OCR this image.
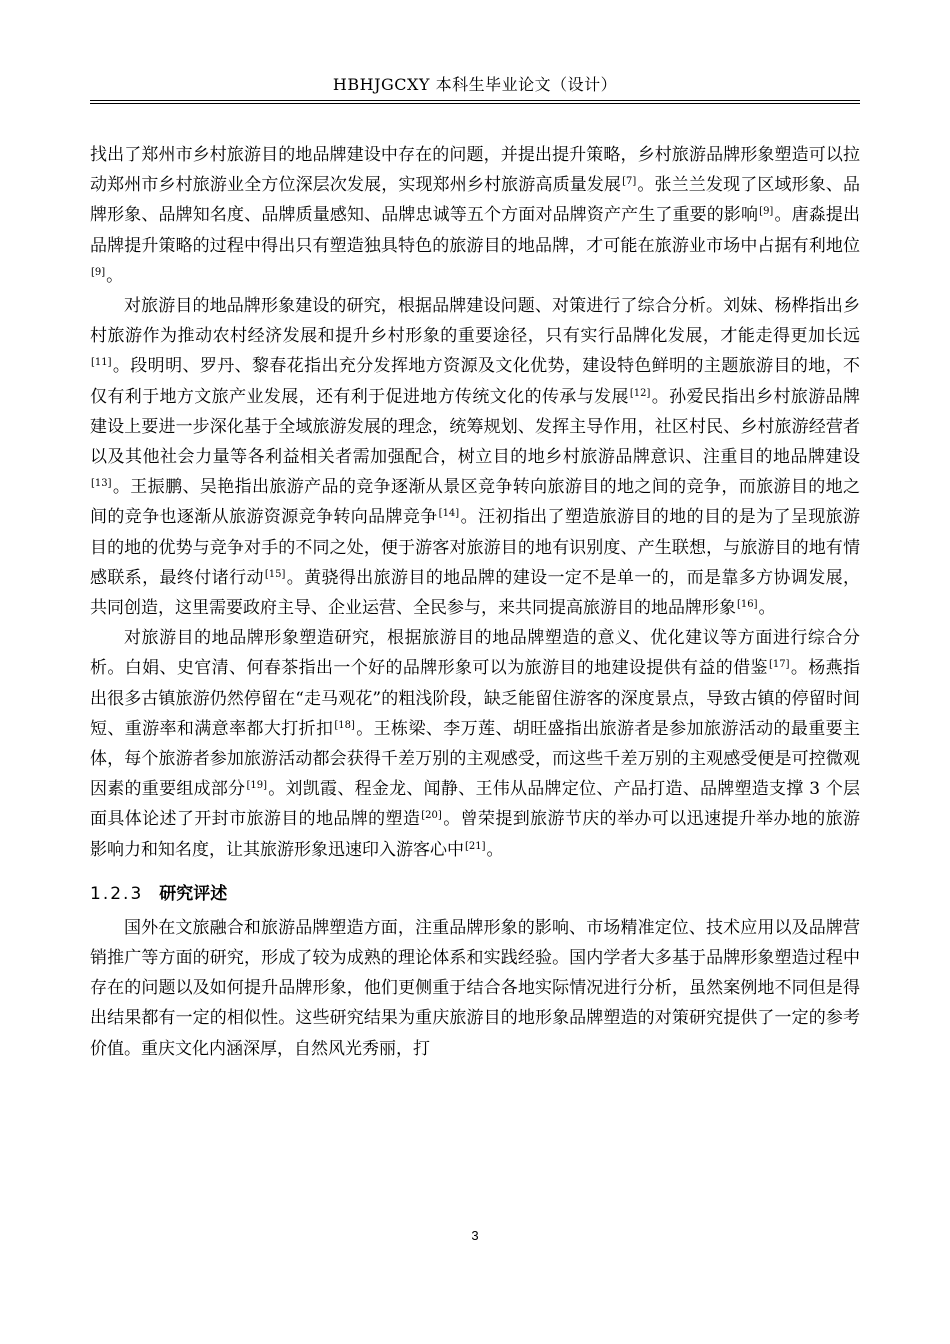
HBHJGCXY 本科生毕业论文（设计）

找出了郑州市乡村旅游目的地品牌建设中存在的问题，并提出提升策略，乡村旅游品牌形象塑造可以拉动郑州市乡村旅游业全方位深层次发展，实现郑州乡村旅游高质量发展[7]。张兰兰发现了区域形象、品牌形象、品牌知名度、品牌质量感知、品牌忠诚等五个方面对品牌资产产生了重要的影响[9]。唐淼提出品牌提升策略的过程中得出只有塑造独具特色的旅游目的地品牌，才可能在旅游业市场中占据有利地位[9]。

对旅游目的地品牌形象建设的研究，根据品牌建设问题、对策进行了综合分析。刘妹、杨桦指出乡村旅游作为推动农村经济发展和提升乡村形象的重要途径，只有实行品牌化发展，才能走得更加长远[11]。段明明、罗丹、黎春花指出充分发挥地方资源及文化优势，建设特色鲜明的主题旅游目的地，不仅有利于地方文旅产业发展，还有利于促进地方传统文化的传承与发展[12]。孙爱民指出乡村旅游品牌建设上要进一步深化基于全域旅游发展的理念，统筹规划、发挥主导作用，社区村民、乡村旅游经营者以及其他社会力量等各利益相关者需加强配合，树立目的地乡村旅游品牌意识、注重目的地品牌建设[13]。王振鹏、吴艳指出旅游产品的竞争逐渐从景区竞争转向旅游目的地之间的竞争，而旅游目的地之间的竞争也逐渐从旅游资源竞争转向品牌竞争[14]。汪初指出了塑造旅游目的地的目的是为了呈现旅游目的地的优势与竞争对手的不同之处，便于游客对旅游目的地有识别度、产生联想，与旅游目的地有情感联系，最终付诸行动[15]。黄骁得出旅游目的地品牌的建设一定不是单一的，而是靠多方协调发展，共同创造，这里需要政府主导、企业运营、全民参与，来共同提高旅游目的地品牌形象[16]。

对旅游目的地品牌形象塑造研究，根据旅游目的地品牌塑造的意义、优化建议等方面进行综合分析。白娟、史官清、何春茶指出一个好的品牌形象可以为旅游目的地建设提供有益的借鉴[17]。杨燕指出很多古镇旅游仍然停留在“走马观花”的粗浅阶段，缺乏能留住游客的深度景点，导致古镇的停留时间短、重游率和满意率都大打折扣[18]。王栋梁、李万莲、胡旺盛指出旅游者是参加旅游活动的最重要主体，每个旅游者参加旅游活动都会获得千差万别的主观感受，而这些千差万别的主观感受便是可控微观因素的重要组成部分[19]。刘凯霞、程金龙、闻静、王伟从品牌定位、产品打造、品牌塑造支撑 3 个层面具体论述了开封市旅游目的地品牌的塑造[20]。曾荣提到旅游节庆的举办可以迅速提升举办地的旅游影响力和知名度，让其旅游形象迅速印入游客心中[21]。

1.2.3 研究评述

国外在文旅融合和旅游品牌塑造方面，注重品牌形象的影响、市场精准定位、技术应用以及品牌营销推广等方面的研究，形成了较为成熟的理论体系和实践经验。国内学者大多基于品牌形象塑造过程中存在的问题以及如何提升品牌形象，他们更侧重于结合各地实际情况进行分析，虽然案例地不同但是得出结果都有一定的相似性。这些研究结果为重庆旅游目的地形象品牌塑造的对策研究提供了一定的参考价值。重庆文化内涵深厚，自然风光秀丽，打

3
